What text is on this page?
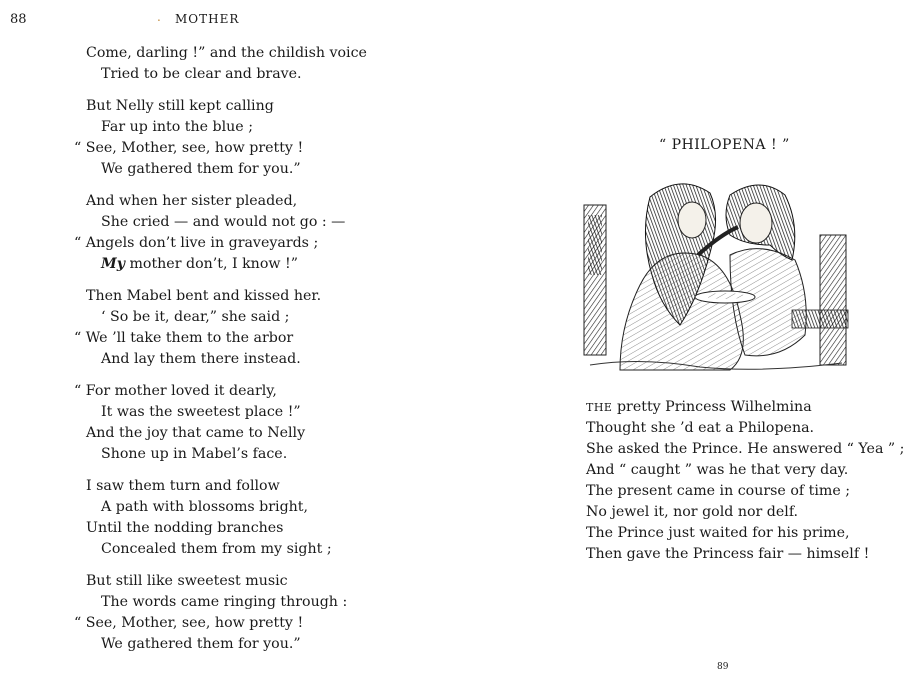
88	. MOTHER
Come, darling !” and the childish voice
Tried to be clear and brave.
But Nelly still kept calling
Far up into the blue ;
“ See, Mother, see, how pretty !
We gathered them for you.”
And when her sister pleaded,
She cried — and would not go : —
“ Angels don’t live in graveyards ;
My mother don’t, I know !”
Then Mabel bent and kissed her.
‘ So be it, dear,” she said ;
“ We ’ll take them to the arbor
And lay them there instead.
“ For mother loved it dearly,
It was the sweetest place !”
And the joy that came to Nelly
Shone up in Mabel’s face.
I saw them turn and follow
A path with blossoms bright,
Until the nodding branches
Concealed them from my sight ;
But still like sweetest music
The words came ringing through :
“ See, Mother, see, how pretty !
We gathered them for you.”
“ PHILOPENA ! ”
THE pretty Princess Wilhelmina
Thought she ’d eat a Philopena.
She asked the Prince. He answered “ Yea ” ;
And “ caught ” was he that very day.
The present came in course of time ;
No jewel it, nor gold nor delf.
The Prince just waited for his prime,
Then gave the Princess fair — himself !
89
